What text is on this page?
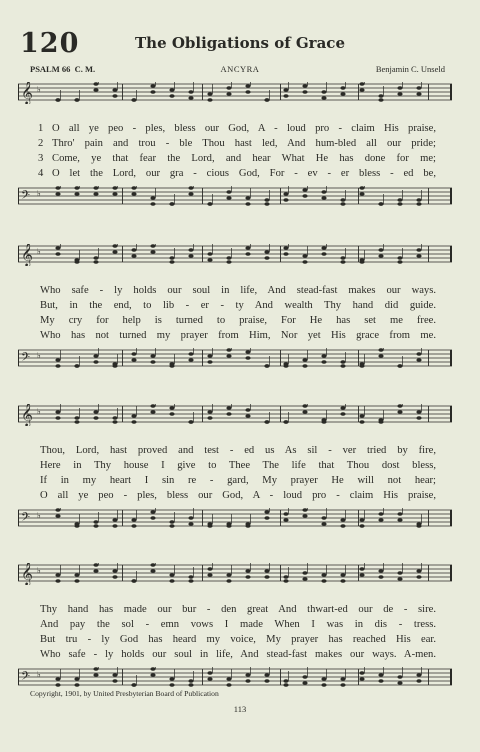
120	The Obligations of Grace
PSALM 66 C. M.	ANCYRA	Benjamin C. Unseld
𝄞 ♭
1 O all ye peo - ples, bless our God, A - loud pro - claim His praise,
2 Thro' pain and trou - ble Thou hast led, And hum-bled all our pride;
3 Come, ye that fear the Lord, and hear What He has done for me;
4 O let the Lord, our gra - cious God, For - ev - er bless - ed be,
𝄢 ♭
𝄞 ♭
Who safe - ly holds our soul in life, And stead-fast makes our ways.
But, in the end, to lib - er - ty And wealth Thy hand did guide.
My cry for help is turned to praise, For He has set me free.
Who has not turned my prayer from Him, Nor yet His grace from me.
𝄢 ♭
𝄞 ♭
Thou, Lord, hast proved and test - ed us As sil - ver tried by fire,
Here in Thy house I give to Thee The life that Thou dost bless,
If in my heart I sin re - gard, My prayer He will not hear;
O all ye peo - ples, bless our God, A - loud pro - claim His praise,
𝄢 ♭
𝄞 ♭
Thy hand has made our bur - den great And thwart-ed our de - sire.
And pay the sol - emn vows I made When I was in dis - tress.
But tru - ly God has heard my voice, My prayer has reached His ear.
Who safe - ly holds our soul in life, And stead-fast makes our ways. A-men.
𝄢 ♭
Copyright, 1901, by United Presbyterian Board of Publication
113
